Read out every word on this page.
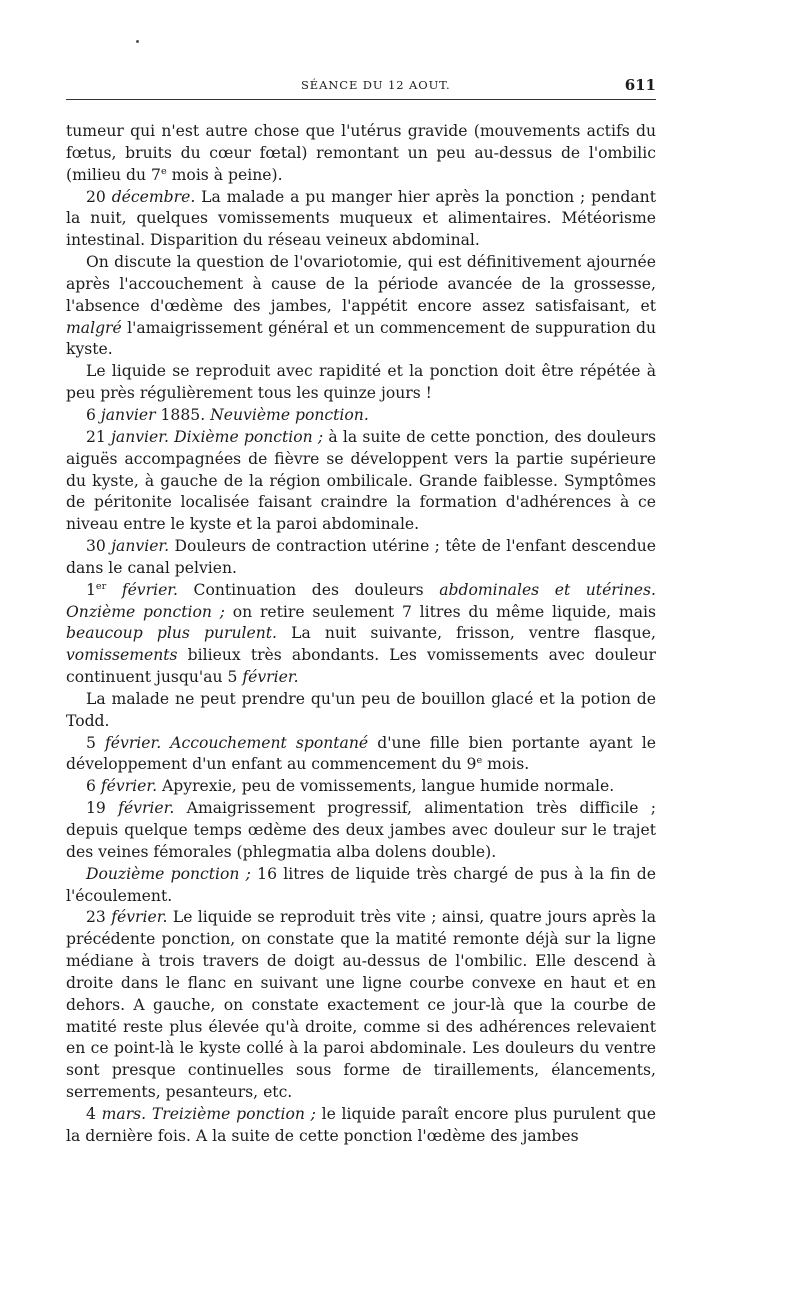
SÉANCE DU 12 AOUT.	611

tumeur qui n'est autre chose que l'utérus gravide (mouvements actifs du fœtus, bruits du cœur fœtal) remontant un peu au-dessus de l'ombilic (milieu du 7e mois à peine).

20 décembre. La malade a pu manger hier après la ponction ; pendant la nuit, quelques vomissements muqueux et alimentaires. Météorisme intestinal. Disparition du réseau veineux abdominal.

On discute la question de l'ovariotomie, qui est définitivement ajournée après l'accouchement à cause de la période avancée de la grossesse, l'absence d'œdème des jambes, l'appétit encore assez satisfaisant, et malgré l'amaigrissement général et un commencement de suppuration du kyste.

Le liquide se reproduit avec rapidité et la ponction doit être répétée à peu près régulièrement tous les quinze jours !

6 janvier 1885. Neuvième ponction.

21 janvier. Dixième ponction ; à la suite de cette ponction, des douleurs aiguës accompagnées de fièvre se développent vers la partie supérieure du kyste, à gauche de la région ombilicale. Grande faiblesse. Symptômes de péritonite localisée faisant craindre la formation d'adhérences à ce niveau entre le kyste et la paroi abdominale.

30 janvier. Douleurs de contraction utérine ; tête de l'enfant descendue dans le canal pelvien.

1er février. Continuation des douleurs abdominales et utérines. Onzième ponction ; on retire seulement 7 litres du même liquide, mais beaucoup plus purulent. La nuit suivante, frisson, ventre flasque, vomissements bilieux très abondants. Les vomissements avec douleur continuent jusqu'au 5 février.

La malade ne peut prendre qu'un peu de bouillon glacé et la potion de Todd.

5 février. Accouchement spontané d'une fille bien portante ayant le développement d'un enfant au commencement du 9e mois.

6 février. Apyrexie, peu de vomissements, langue humide normale.

19 février. Amaigrissement progressif, alimentation très difficile ; depuis quelque temps œdème des deux jambes avec douleur sur le trajet des veines fémorales (phlegmatia alba dolens double).

Douzième ponction ; 16 litres de liquide très chargé de pus à la fin de l'écoulement.

23 février. Le liquide se reproduit très vite ; ainsi, quatre jours après la précédente ponction, on constate que la matité remonte déjà sur la ligne médiane à trois travers de doigt au-dessus de l'ombilic. Elle descend à droite dans le flanc en suivant une ligne courbe convexe en haut et en dehors. A gauche, on constate exactement ce jour-là que la courbe de matité reste plus élevée qu'à droite, comme si des adhérences relevaient en ce point-là le kyste collé à la paroi abdominale. Les douleurs du ventre sont presque continuelles sous forme de tiraillements, élancements, serrements, pesanteurs, etc.

4 mars. Treizième ponction ; le liquide paraît encore plus purulent que la dernière fois. A la suite de cette ponction l'œdème des jambes
